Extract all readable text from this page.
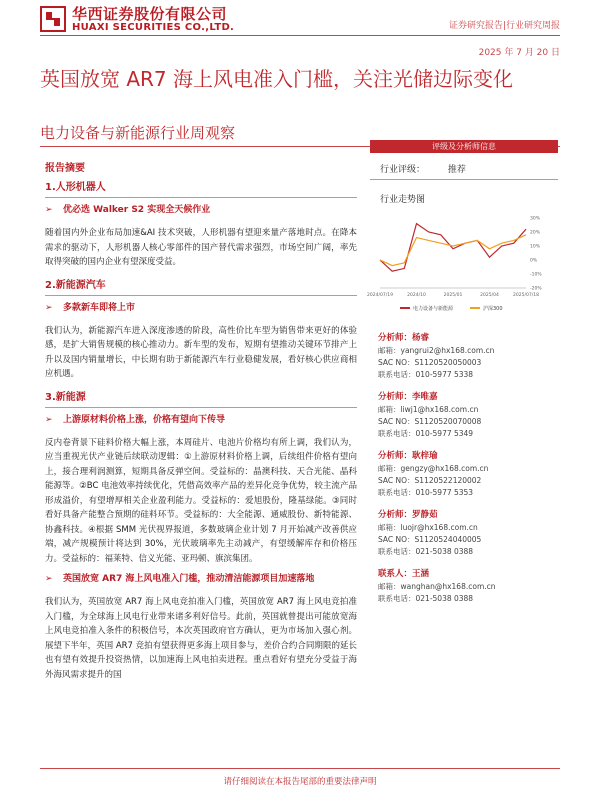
华西证券股份有限公司
HUAXI SECURITIES CO.,LTD.	证券研究报告|行业研究周报
2025 年 7 月 20 日
英国放宽 AR7 海上风电准入门槛，关注光储边际变化
电力设备与新能源行业周观察
报告摘要
1.人形机器人
➢ 优必选 Walker S2 实现全天候作业
随着国内外企业布局加速&AI 技术突破，人形机器有望迎来量产落地时点。在降本需求的驱动下，人形机器人核心零部件的国产替代需求强烈，市场空间广阔，率先取得突破的国内企业有望深度受益。
2.新能源汽车
➢ 多款新车即将上市
我们认为，新能源汽车进入深度渗透的阶段，高性价比车型为销售带来更好的体验感，是扩大销售规模的核心推动力。新车型的发布，短期有望推动关键环节排产上升以及国内销量增长，中长期有助于新能源汽车行业稳健发展，看好核心供应商相应机遇。
3.新能源
➢ 上游原材料价格上涨，价格有望向下传导
反内卷背景下硅料价格大幅上涨，本周硅片、电池片价格均有所上调，我们认为，应当重视光伏产业链后续联动逻辑：①上游原材料价格上调，后续组件价格有望向上，接合理利润测算，短期具备反弹空间。受益标的：晶澳科技、天合光能、晶科能源等。②BC 电池效率持续优化，凭借高效率产品的差异化竞争优势，较主流产品形成溢价，有望增厚相关企业盈利能力。受益标的：爱旭股份，隆基绿能。③同时看好具备产能整合预期的硅料环节。受益标的：大全能源、通威股份、新特能源、协鑫科技。④根据 SMM 光伏视界报道，多数玻璃企业计划 7 月开始减产改善供应端，减产规模预计将达到 30%，光伏玻璃率先主动减产，有望缓解库存和价格压力。受益标的：福莱特、信义光能、亚玛顿、旗滨集团。
➢ 英国放宽 AR7 海上风电准入门槛，推动清洁能源项目加速落地
我们认为，英国放宽 AR7 海上风电竞拍准入门槛，英国放宽 AR7 海上风电竞拍准入门槛，为全球海上风电行业带来诸多利好信号。此前，英国就曾提出可能放宽海上风电竞拍准入条件的积极信号，本次英国政府官方确认，更为市场加入强心剂。展望下半年，英国 AR7 竞拍有望获得更多海上项目参与，差价合约合同期限的延长也有望有效提升投资热情，以加速海上风电拍卖进程。重点看好有望充分受益于海外海风需求提升的国
评级及分析师信息
行业评级：	推荐
行业走势图
2024/07/19	2024/10	2025/01	2025/04	2025/07/18
30%
20%
10%
0%
-10%
-20%
电力设备与新能源	沪深300
分析师：杨睿
邮箱：yangrui2@hx168.com.cn
SAC NO：S1120520050003
联系电话：010-5977 5338
分析师：李唯嘉
邮箱：liwj1@hx168.com.cn
SAC NO：S1120520070008
联系电话：010-5977 5349
分析师：耿梓瑜
邮箱：gengzy@hx168.com.cn
SAC NO：S1120522120002
联系电话：010-5977 5353
分析师：罗静茹
邮箱：luojr@hx168.com.cn
SAC NO：S1120524040005
联系电话：021-5038 0388
联系人：王涵
邮箱：wanghan@hx168.com.cn
联系电话：021-5038 0388
请仔细阅读在本报告尾部的重要法律声明
